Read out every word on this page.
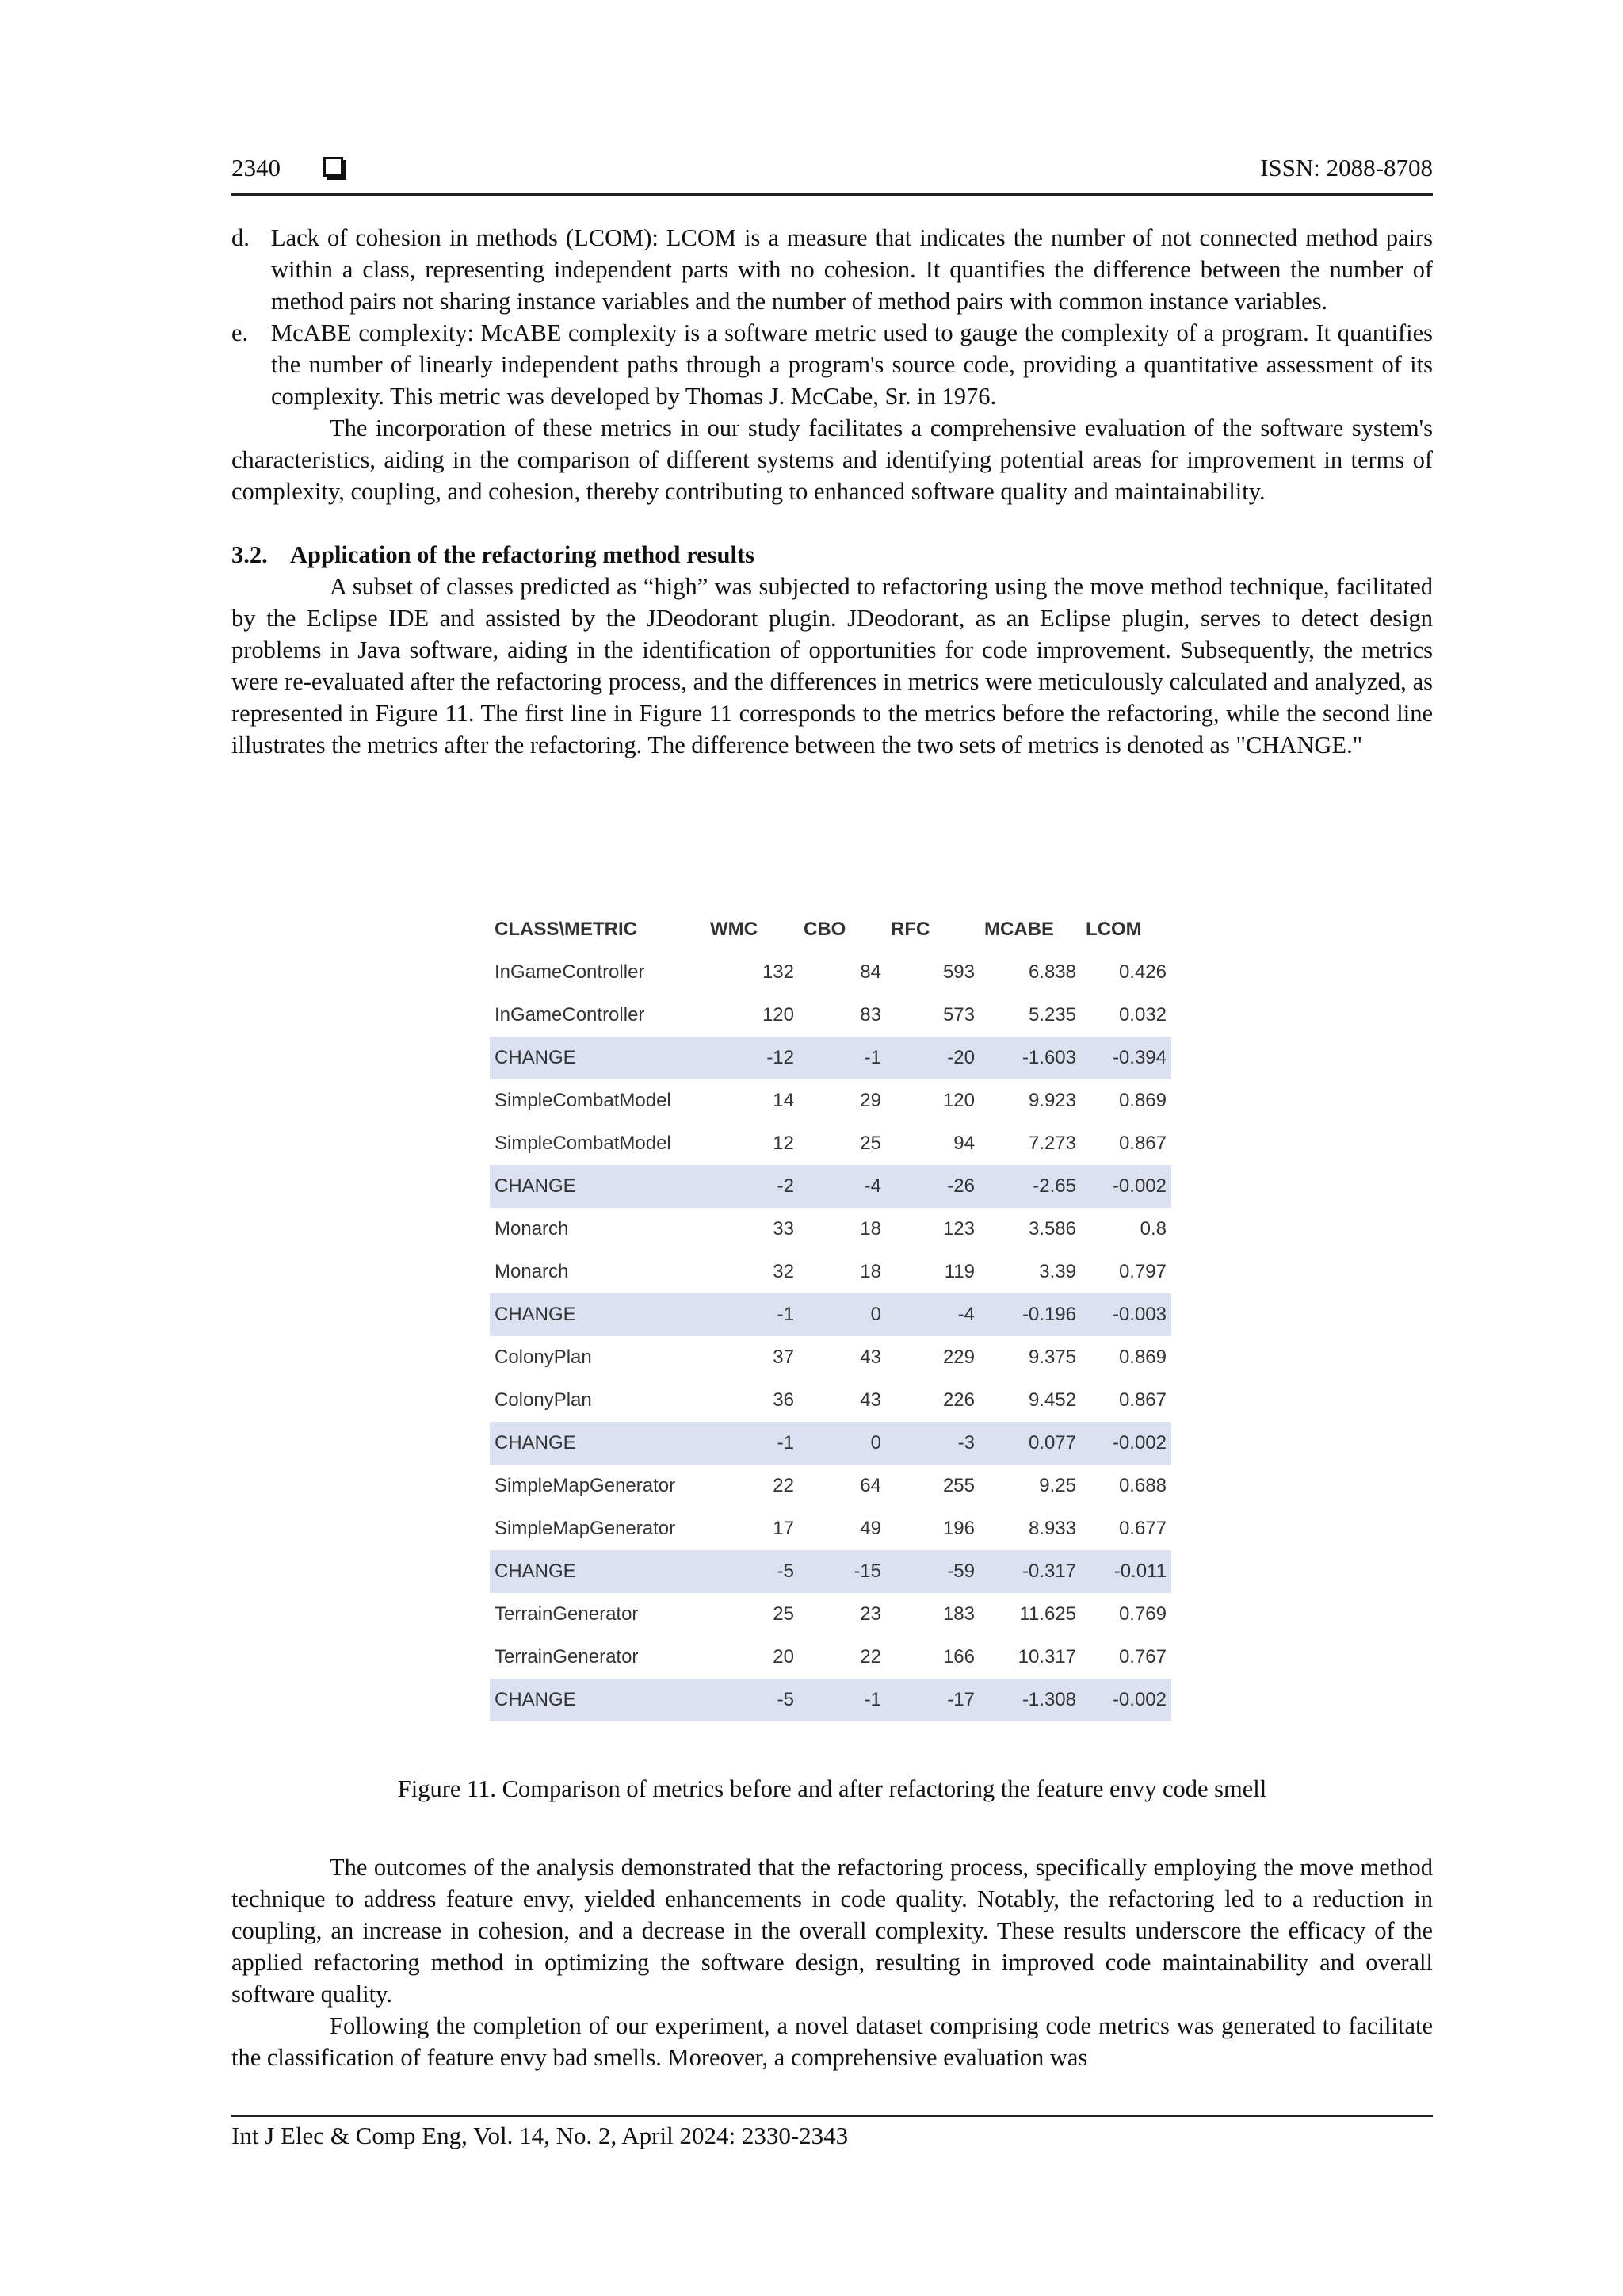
2340	ISSN: 2088-8708
d. Lack of cohesion in methods (LCOM): LCOM is a measure that indicates the number of not connected method pairs within a class, representing independent parts with no cohesion. It quantifies the difference between the number of method pairs not sharing instance variables and the number of method pairs with common instance variables.
e. McABE complexity: McABE complexity is a software metric used to gauge the complexity of a program. It quantifies the number of linearly independent paths through a program's source code, providing a quantitative assessment of its complexity. This metric was developed by Thomas J. McCabe, Sr. in 1976.

The incorporation of these metrics in our study facilitates a comprehensive evaluation of the software system's characteristics, aiding in the comparison of different systems and identifying potential areas for improvement in terms of complexity, coupling, and cohesion, thereby contributing to enhanced software quality and maintainability.

3.2. Application of the refactoring method results

A subset of classes predicted as “high” was subjected to refactoring using the move method technique, facilitated by the Eclipse IDE and assisted by the JDeodorant plugin. JDeodorant, as an Eclipse plugin, serves to detect design problems in Java software, aiding in the identification of opportunities for code improvement. Subsequently, the metrics were re-evaluated after the refactoring process, and the differences in metrics were meticulously calculated and analyzed, as represented in Figure 11. The first line in Figure 11 corresponds to the metrics before the refactoring, while the second line illustrates the metrics after the refactoring. The difference between the two sets of metrics is denoted as "CHANGE."

CLASS\METRIC	WMC	CBO	RFC	MCABE	LCOM
InGameController	132	84	593	6.838	0.426
InGameController	120	83	573	5.235	0.032
CHANGE	-12	-1	-20	-1.603	-0.394
SimpleCombatModel	14	29	120	9.923	0.869
SimpleCombatModel	12	25	94	7.273	0.867
CHANGE	-2	-4	-26	-2.65	-0.002
Monarch	33	18	123	3.586	0.8
Monarch	32	18	119	3.39	0.797
CHANGE	-1	0	-4	-0.196	-0.003
ColonyPlan	37	43	229	9.375	0.869
ColonyPlan	36	43	226	9.452	0.867
CHANGE	-1	0	-3	0.077	-0.002
SimpleMapGenerator	22	64	255	9.25	0.688
SimpleMapGenerator	17	49	196	8.933	0.677
CHANGE	-5	-15	-59	-0.317	-0.011
TerrainGenerator	25	23	183	11.625	0.769
TerrainGenerator	20	22	166	10.317	0.767
CHANGE	-5	-1	-17	-1.308	-0.002
Figure 11. Comparison of metrics before and after refactoring the feature envy code smell

The outcomes of the analysis demonstrated that the refactoring process, specifically employing the move method technique to address feature envy, yielded enhancements in code quality. Notably, the refactoring led to a reduction in coupling, an increase in cohesion, and a decrease in the overall complexity. These results underscore the efficacy of the applied refactoring method in optimizing the software design, resulting in improved code maintainability and overall software quality.

Following the completion of our experiment, a novel dataset comprising code metrics was generated to facilitate the classification of feature envy bad smells. Moreover, a comprehensive evaluation was

Int J Elec & Comp Eng, Vol. 14, No. 2, April 2024: 2330-2343
